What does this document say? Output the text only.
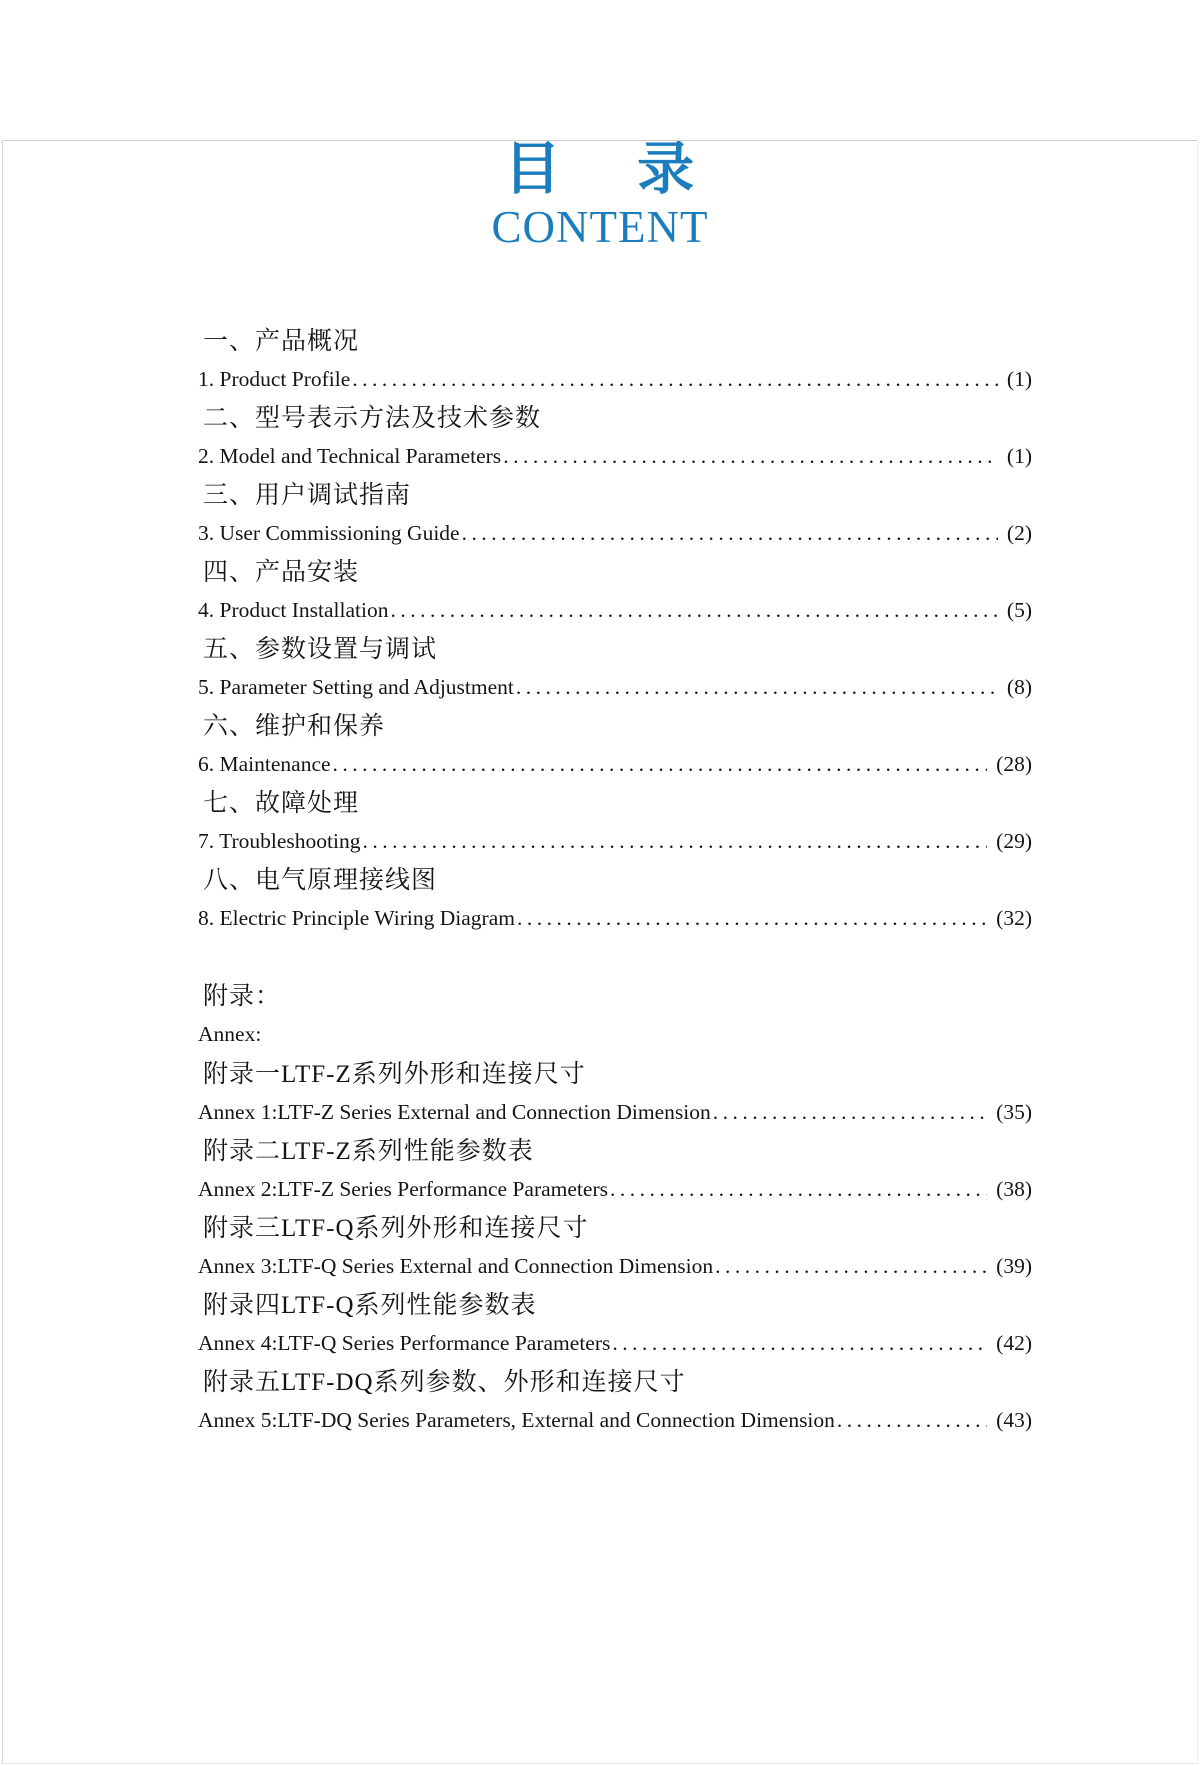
目 录
CONTENT
一、产品概况
1. Product Profile .....	(1)
二、型号表示方法及技术参数
2. Model and Technical Parameters .....	(1)
三、用户调试指南
3. User Commissioning Guide .....	(2)
四、产品安装
4. Product Installation .....	(5)
五、参数设置与调试
5. Parameter Setting and Adjustment .....	(8)
六、维护和保养
6. Maintenance .....	(28)
七、故障处理
7. Troubleshooting .....	(29)
八、电气原理接线图
8. Electric Principle Wiring Diagram .....	(32)
附录：
Annex:
附录一LTF-Z系列外形和连接尺寸
Annex 1:LTF-Z Series External and Connection Dimension .....	(35)
附录二LTF-Z系列性能参数表
Annex 2:LTF-Z Series Performance Parameters .....	(38)
附录三LTF-Q系列外形和连接尺寸
Annex 3:LTF-Q Series External and Connection Dimension .....	(39)
附录四LTF-Q系列性能参数表
Annex 4:LTF-Q Series Performance Parameters .....	(42)
附录五LTF-DQ系列参数、外形和连接尺寸
Annex 5:LTF-DQ Series Parameters, External and Connection Dimension .....	(43)
